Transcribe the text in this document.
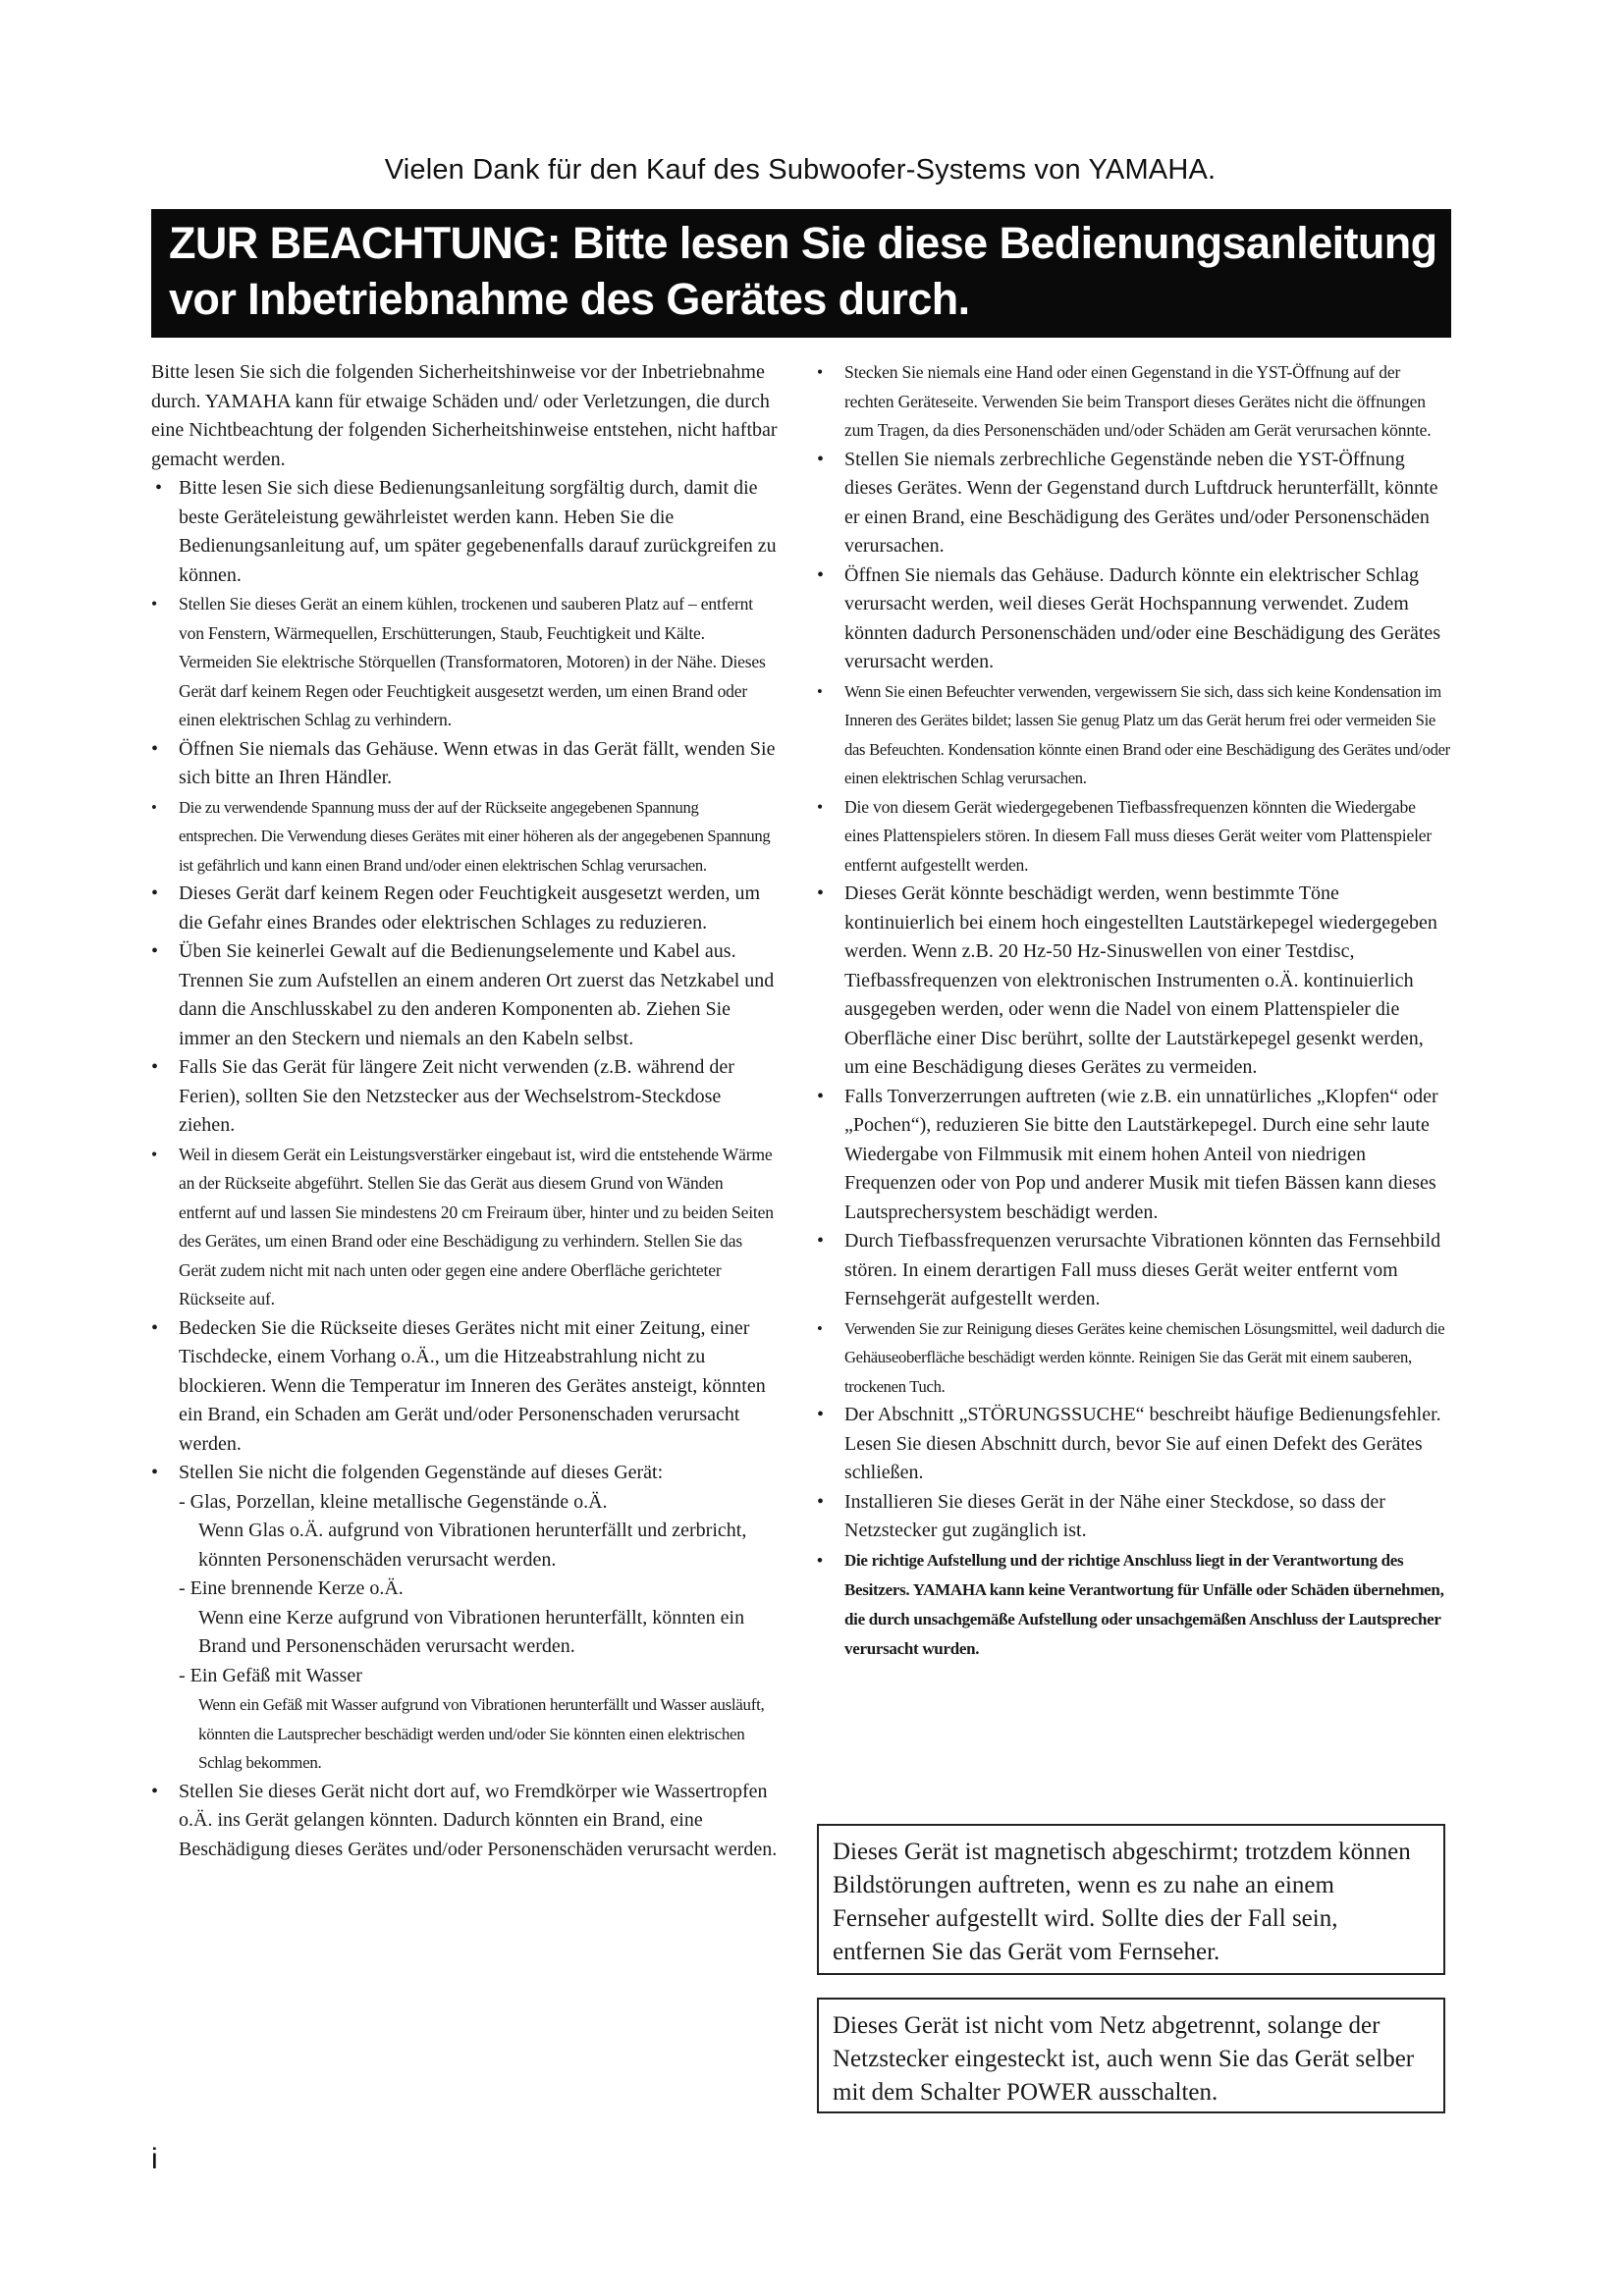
Vielen Dank für den Kauf des Subwoofer-Systems von YAMAHA.
ZUR BEACHTUNG: Bitte lesen Sie diese Bedienungsanleitung
vor Inbetriebnahme des Gerätes durch.

Bitte lesen Sie sich die folgenden Sicherheitshinweise vor der Inbetriebnahme durch. YAMAHA kann für etwaige Schäden und/ oder Verletzungen, die durch eine Nichtbeachtung der folgenden Sicherheitshinweise entstehen, nicht haftbar gemacht werden.

• Bitte lesen Sie sich diese Bedienungsanleitung sorgfältig durch, damit die beste Geräteleistung gewährleistet werden kann. Heben Sie die Bedienungsanleitung auf, um später gegebenenfalls darauf zurückgreifen zu können.
• Stellen Sie dieses Gerät an einem kühlen, trockenen und sauberen Platz auf – entfernt von Fenstern, Wärmequellen, Erschütterungen, Staub, Feuchtigkeit und Kälte. Vermeiden Sie elektrische Störquellen (Transformatoren, Motoren) in der Nähe. Dieses Gerät darf keinem Regen oder Feuchtigkeit ausgesetzt werden, um einen Brand oder einen elektrischen Schlag zu verhindern.
• Öffnen Sie niemals das Gehäuse. Wenn etwas in das Gerät fällt, wenden Sie sich bitte an Ihren Händler.
• Die zu verwendende Spannung muss der auf der Rückseite angegebenen Spannung entsprechen. Die Verwendung dieses Gerätes mit einer höheren als der angegebenen Spannung ist gefährlich und kann einen Brand und/oder einen elektrischen Schlag verursachen.
• Dieses Gerät darf keinem Regen oder Feuchtigkeit ausgesetzt werden, um die Gefahr eines Brandes oder elektrischen Schlages zu reduzieren.
• Üben Sie keinerlei Gewalt auf die Bedienungselemente und Kabel aus. Trennen Sie zum Aufstellen an einem anderen Ort zuerst das Netzkabel und dann die Anschlusskabel zu den anderen Komponenten ab. Ziehen Sie immer an den Steckern und niemals an den Kabeln selbst.
• Falls Sie das Gerät für längere Zeit nicht verwenden (z.B. während der Ferien), sollten Sie den Netzstecker aus der Wechselstrom-Steckdose ziehen.
• Weil in diesem Gerät ein Leistungsverstärker eingebaut ist, wird die entstehende Wärme an der Rückseite abgeführt. Stellen Sie das Gerät aus diesem Grund von Wänden entfernt auf und lassen Sie mindestens 20 cm Freiraum über, hinter und zu beiden Seiten des Gerätes, um einen Brand oder eine Beschädigung zu verhindern. Stellen Sie das Gerät zudem nicht mit nach unten oder gegen eine andere Oberfläche gerichteter Rückseite auf.
• Bedecken Sie die Rückseite dieses Gerätes nicht mit einer Zeitung, einer Tischdecke, einem Vorhang o.Ä., um die Hitzeabstrahlung nicht zu blockieren. Wenn die Temperatur im Inneren des Gerätes ansteigt, könnten ein Brand, ein Schaden am Gerät und/oder Personenschaden verursacht werden.
• Stellen Sie nicht die folgenden Gegenstände auf dieses Gerät:
- Glas, Porzellan, kleine metallische Gegenstände o.Ä.
Wenn Glas o.Ä. aufgrund von Vibrationen herunterfällt und zerbricht, könnten Personenschäden verursacht werden.
- Eine brennende Kerze o.Ä.
Wenn eine Kerze aufgrund von Vibrationen herunterfällt, könnten ein Brand und Personenschäden verursacht werden.
- Ein Gefäß mit Wasser
Wenn ein Gefäß mit Wasser aufgrund von Vibrationen herunterfällt und Wasser ausläuft, könnten die Lautsprecher beschädigt werden und/oder Sie könnten einen elektrischen Schlag bekommen.
• Stellen Sie dieses Gerät nicht dort auf, wo Fremdkörper wie Wassertropfen o.Ä. ins Gerät gelangen könnten. Dadurch könnten ein Brand, eine Beschädigung dieses Gerätes und/oder Personenschäden verursacht werden.
• Stecken Sie niemals eine Hand oder einen Gegenstand in die YST-Öffnung auf der rechten Geräteseite. Verwenden Sie beim Transport dieses Gerätes nicht die öffnungen zum Tragen, da dies Personenschäden und/oder Schäden am Gerät verursachen könnte.
• Stellen Sie niemals zerbrechliche Gegenstände neben die YST-Öffnung dieses Gerätes. Wenn der Gegenstand durch Luftdruck herunterfällt, könnte er einen Brand, eine Beschädigung des Gerätes und/oder Personenschäden verursachen.
• Öffnen Sie niemals das Gehäuse. Dadurch könnte ein elektrischer Schlag verursacht werden, weil dieses Gerät Hochspannung verwendet. Zudem könnten dadurch Personenschäden und/oder eine Beschädigung des Gerätes verursacht werden.
• Wenn Sie einen Befeuchter verwenden, vergewissern Sie sich, dass sich keine Kondensation im Inneren des Gerätes bildet; lassen Sie genug Platz um das Gerät herum frei oder vermeiden Sie das Befeuchten. Kondensation könnte einen Brand oder eine Beschädigung des Gerätes und/oder einen elektrischen Schlag verursachen.
• Die von diesem Gerät wiedergegebenen Tiefbassfrequenzen könnten die Wiedergabe eines Plattenspielers stören. In diesem Fall muss dieses Gerät weiter vom Plattenspieler entfernt aufgestellt werden.
• Dieses Gerät könnte beschädigt werden, wenn bestimmte Töne kontinuierlich bei einem hoch eingestellten Lautstärkepegel wiedergegeben werden. Wenn z.B. 20 Hz-50 Hz-Sinuswellen von einer Testdisc, Tiefbassfrequenzen von elektronischen Instrumenten o.Ä. kontinuierlich ausgegeben werden, oder wenn die Nadel von einem Plattenspieler die Oberfläche einer Disc berührt, sollte der Lautstärkepegel gesenkt werden, um eine Beschädigung dieses Gerätes zu vermeiden.
• Falls Tonverzerrungen auftreten (wie z.B. ein unnatürliches „Klopfen“ oder „Pochen“), reduzieren Sie bitte den Lautstärkepegel. Durch eine sehr laute Wiedergabe von Filmmusik mit einem hohen Anteil von niedrigen Frequenzen oder von Pop und anderer Musik mit tiefen Bässen kann dieses Lautsprechersystem beschädigt werden.
• Durch Tiefbassfrequenzen verursachte Vibrationen könnten das Fernsehbild stören. In einem derartigen Fall muss dieses Gerät weiter entfernt vom Fernsehgerät aufgestellt werden.
• Verwenden Sie zur Reinigung dieses Gerätes keine chemischen Lösungsmittel, weil dadurch die Gehäuseoberfläche beschädigt werden könnte. Reinigen Sie das Gerät mit einem sauberen, trockenen Tuch.
• Der Abschnitt „STÖRUNGSSUCHE“ beschreibt häufige Bedienungsfehler. Lesen Sie diesen Abschnitt durch, bevor Sie auf einen Defekt des Gerätes schließen.
• Installieren Sie dieses Gerät in der Nähe einer Steckdose, so dass der Netzstecker gut zugänglich ist.
• Die richtige Aufstellung und der richtige Anschluss liegt in der Verantwortung des Besitzers. YAMAHA kann keine Verantwortung für Unfälle oder Schäden übernehmen, die durch unsachgemäße Aufstellung oder unsachgemäßen Anschluss der Lautsprecher verursacht wurden.
Dieses Gerät ist magnetisch abgeschirmt; trotzdem können Bildstörungen auftreten, wenn es zu nahe an einem Fernseher aufgestellt wird. Sollte dies der Fall sein, entfernen Sie das Gerät vom Fernseher.
Dieses Gerät ist nicht vom Netz abgetrennt, solange der Netzstecker eingesteckt ist, auch wenn Sie das Gerät selber mit dem Schalter POWER ausschalten.
i
